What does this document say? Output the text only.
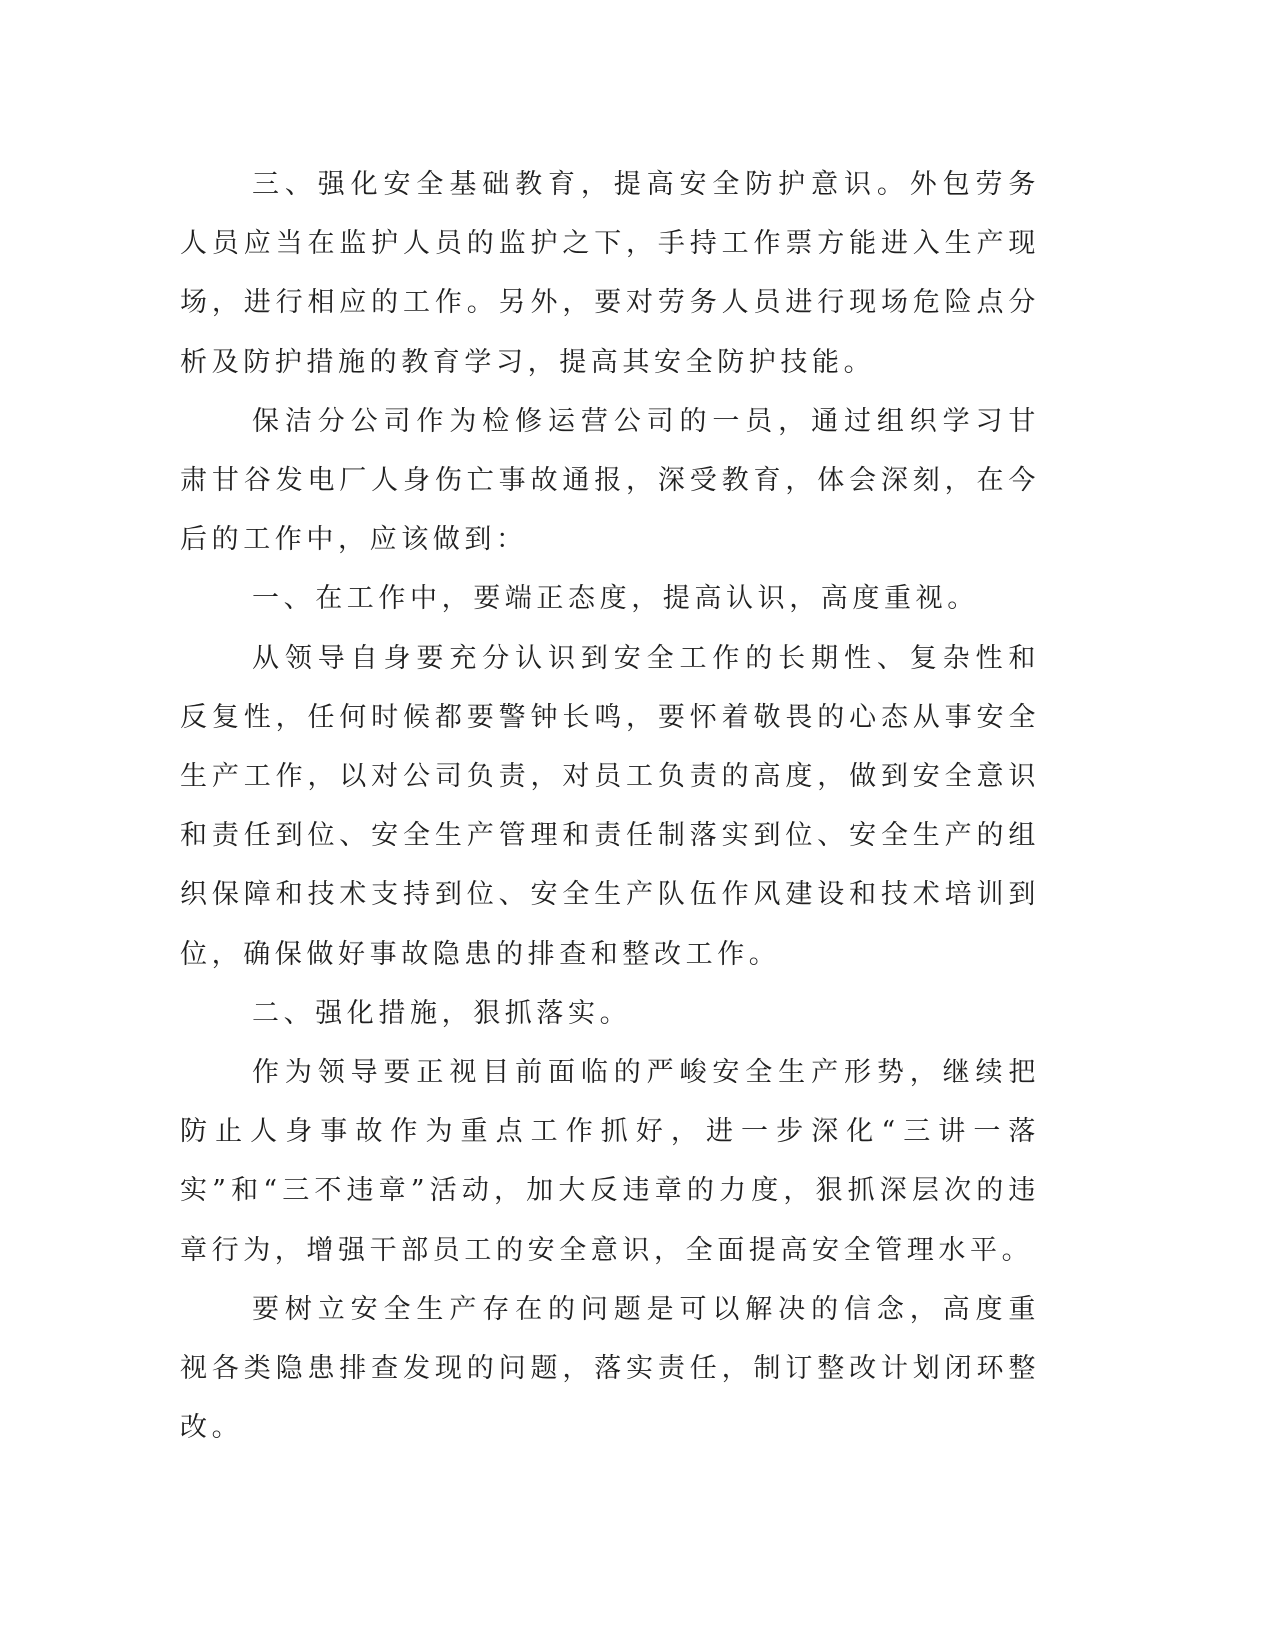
三、强化安全基础教育，提高安全防护意识。外包劳务人员应当在监护人员的监护之下，手持工作票方能进入生产现场，进行相应的工作。另外，要对劳务人员进行现场危险点分析及防护措施的教育学习，提高其安全防护技能。

保洁分公司作为检修运营公司的一员，通过组织学习甘肃甘谷发电厂人身伤亡事故通报，深受教育，体会深刻，在今后的工作中，应该做到：

一、在工作中，要端正态度，提高认识，高度重视。

从领导自身要充分认识到安全工作的长期性、复杂性和反复性，任何时候都要警钟长鸣，要怀着敬畏的心态从事安全生产工作，以对公司负责，对员工负责的高度，做到安全意识和责任到位、安全生产管理和责任制落实到位、安全生产的组织保障和技术支持到位、安全生产队伍作风建设和技术培训到位，确保做好事故隐患的排查和整改工作。

二、强化措施，狠抓落实。

作为领导要正视目前面临的严峻安全生产形势，继续把防止人身事故作为重点工作抓好，进一步深化“三讲一落实”和“三不违章”活动，加大反违章的力度，狠抓深层次的违章行为，增强干部员工的安全意识，全面提高安全管理水平。

要树立安全生产存在的问题是可以解决的信念，高度重视各类隐患排查发现的问题，落实责任，制订整改计划闭环整改。
